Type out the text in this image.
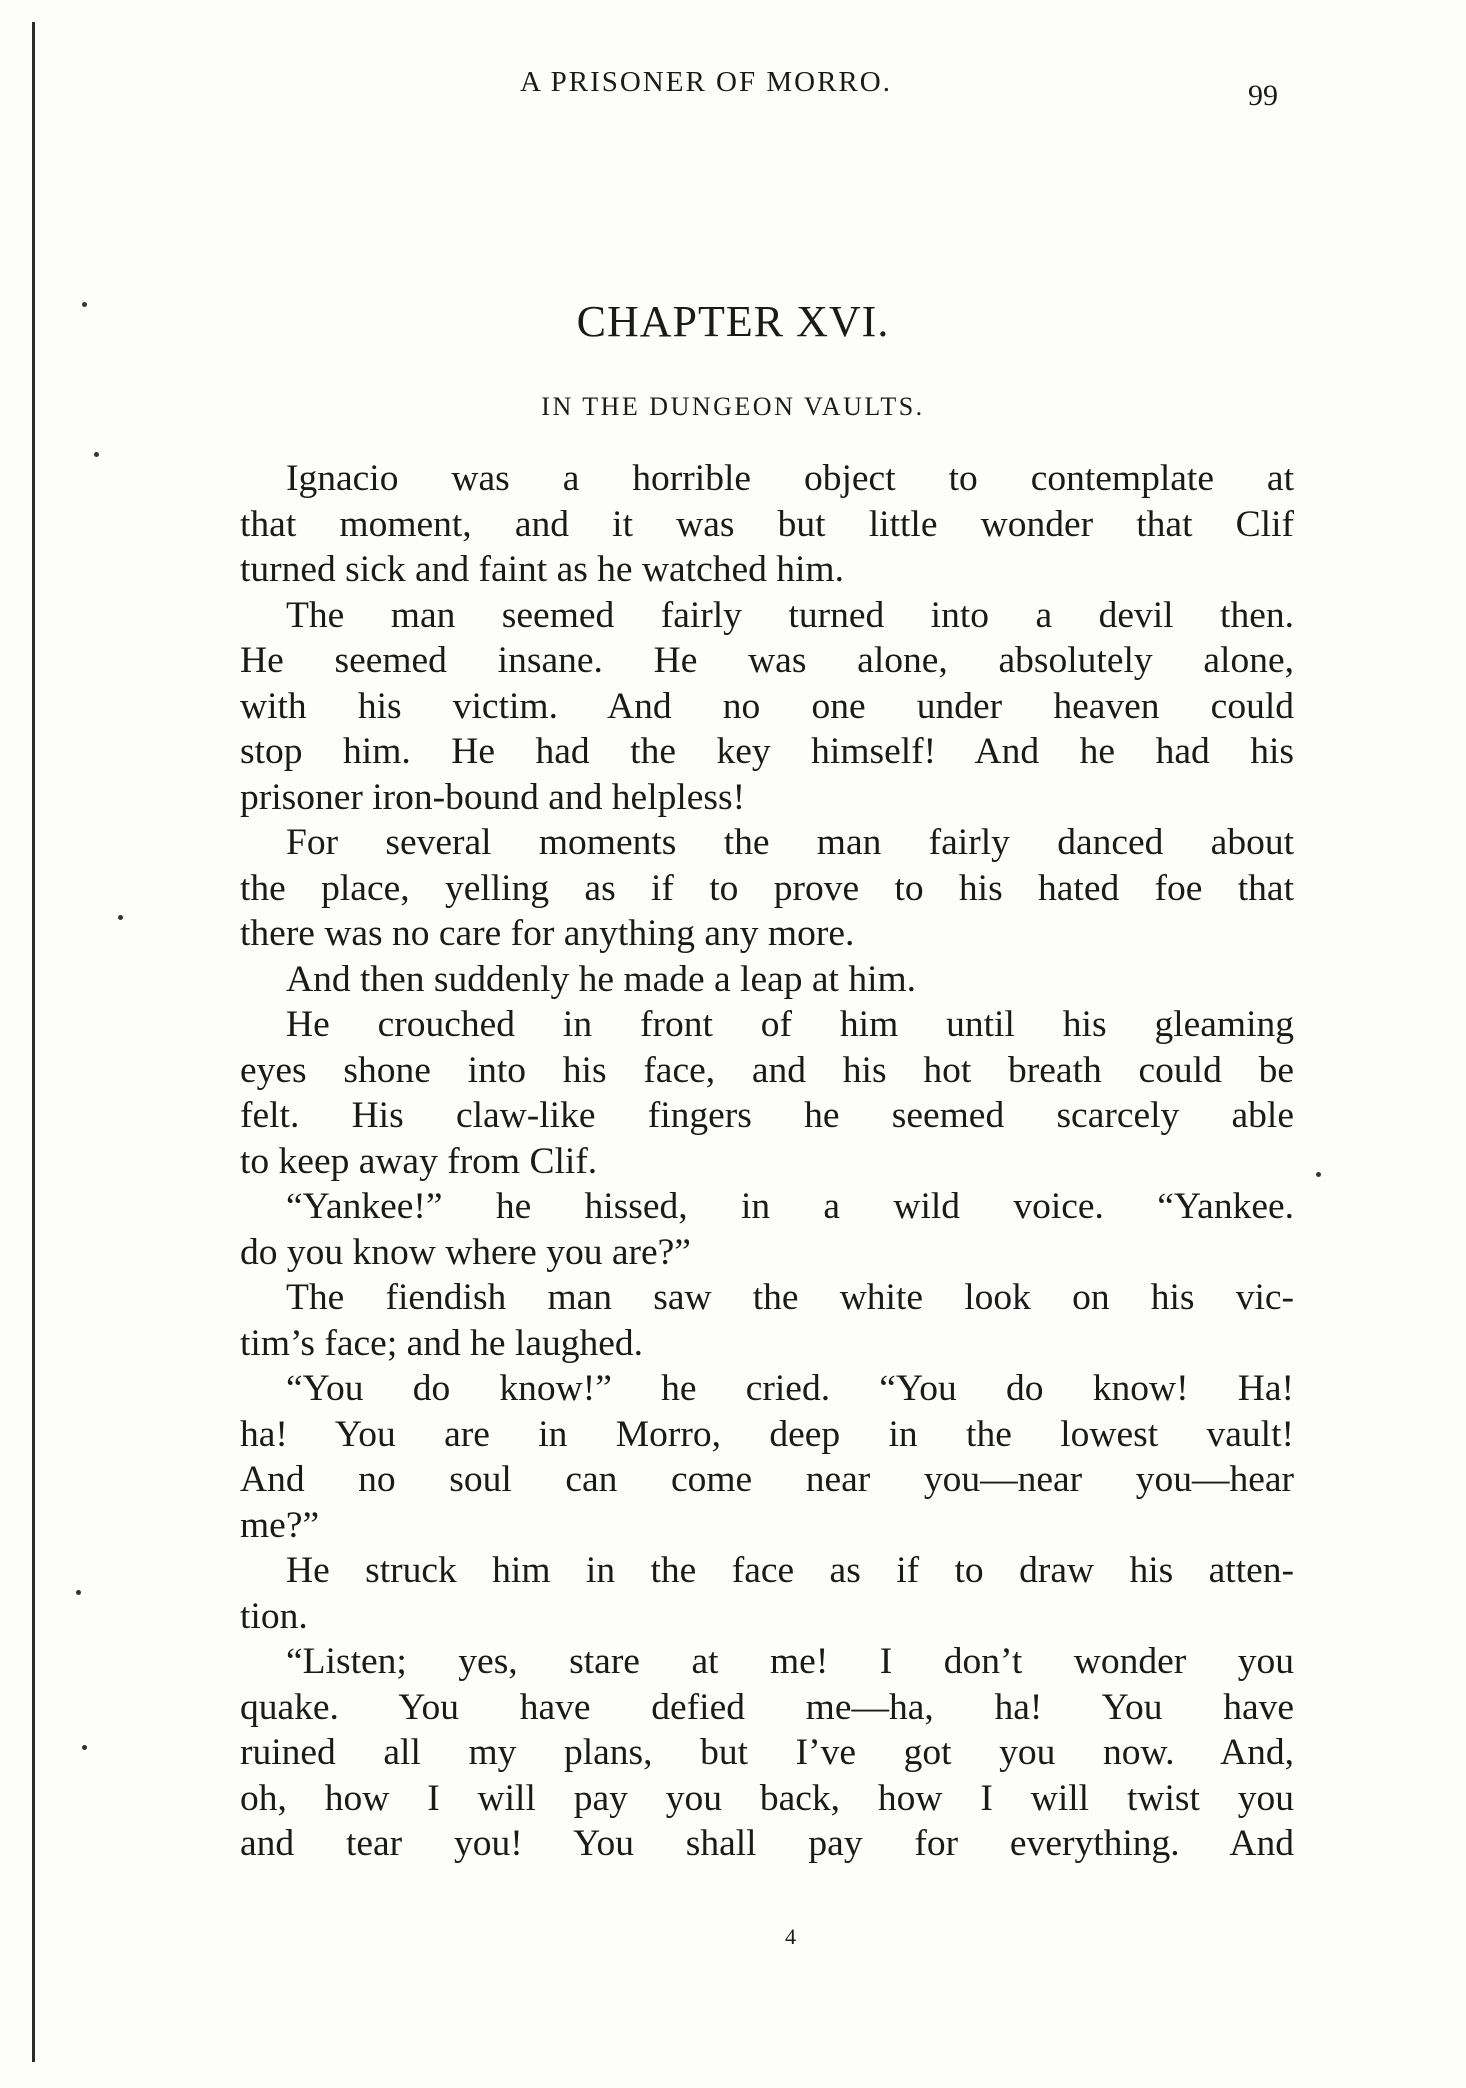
A PRISONER OF MORRO.	99
CHAPTER XVI.
IN THE DUNGEON VAULTS.
Ignacio was a horrible object to contemplate at
that moment, and it was but little wonder that Clif
turned sick and faint as he watched him.
The man seemed fairly turned into a devil then.
He seemed insane. He was alone, absolutely alone,
with his victim. And no one under heaven could
stop him. He had the key himself! And he had his
prisoner iron-bound and helpless!
For several moments the man fairly danced about
the place, yelling as if to prove to his hated foe that
there was no care for anything any more.
And then suddenly he made a leap at him.
He crouched in front of him until his gleaming
eyes shone into his face, and his hot breath could be
felt. His claw-like fingers he seemed scarcely able
to keep away from Clif.
“Yankee!” he hissed, in a wild voice. “Yankee.
do you know where you are?”
The fiendish man saw the white look on his vic-
tim’s face; and he laughed.
“You do know!” he cried. “You do know! Ha!
ha! You are in Morro, deep in the lowest vault!
And no soul can come near you—near you—hear
me?”
He struck him in the face as if to draw his atten-
tion.
“Listen; yes, stare at me! I don’t wonder you
quake. You have defied me—ha, ha! You have
ruined all my plans, but I’ve got you now. And,
oh, how I will pay you back, how I will twist you
and tear you! You shall pay for everything. And
4
